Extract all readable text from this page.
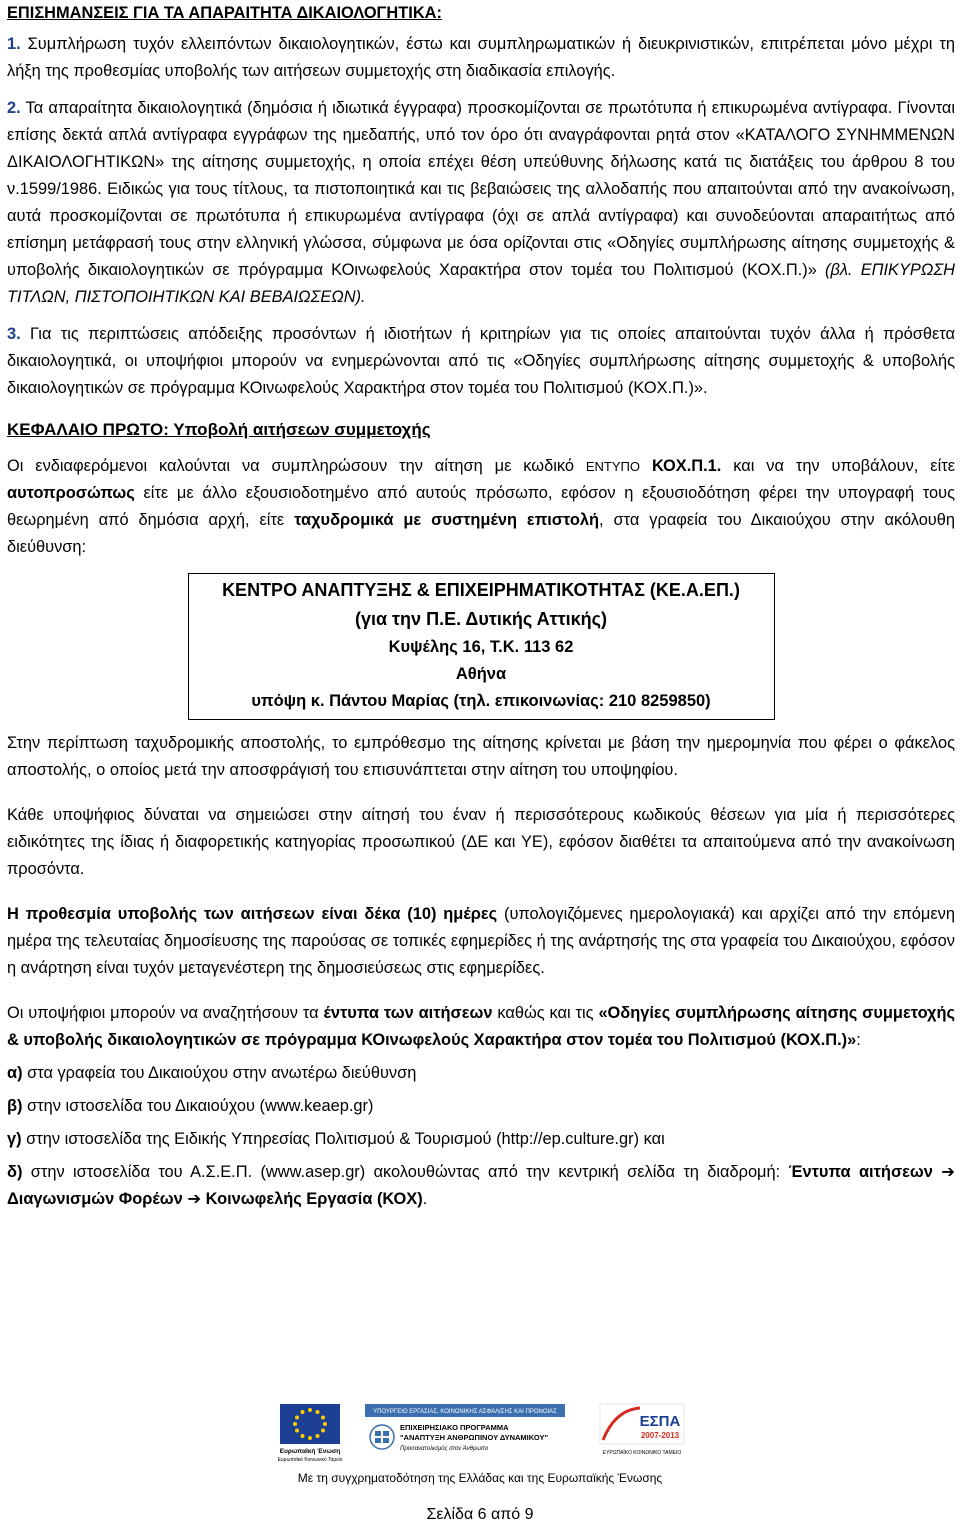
ΕΠΙΣΗΜΑΝΣΕΙΣ ΓΙΑ ΤΑ ΑΠΑΡΑΙΤΗΤΑ ΔΙΚΑΙΟΛΟΓΗΤΙΚΑ:

1. Συμπλήρωση τυχόν ελλειπόντων δικαιολογητικών, έστω και συμπληρωματικών ή διευκρινιστικών, επιτρέπεται μόνο μέχρι τη λήξη της προθεσμίας υποβολής των αιτήσεων συμμετοχής στη διαδικασία επιλογής.

2. Τα απαραίτητα δικαιολογητικά (δημόσια ή ιδιωτικά έγγραφα) προσκομίζονται σε πρωτότυπα ή επικυρωμένα αντίγραφα. Γίνονται επίσης δεκτά απλά αντίγραφα εγγράφων της ημεδαπής, υπό τον όρο ότι αναγράφονται ρητά στον «ΚΑΤΑΛΟΓΟ ΣΥΝΗΜΜΕΝΩΝ ΔΙΚΑΙΟΛΟΓΗΤΙΚΩΝ» της αίτησης συμμετοχής, η οποία επέχει θέση υπεύθυνης δήλωσης κατά τις διατάξεις του άρθρου 8 του ν.1599/1986. Ειδικώς για τους τίτλους, τα πιστοποιητικά και τις βεβαιώσεις της αλλοδαπής που απαιτούνται από την ανακοίνωση, αυτά προσκομίζονται σε πρωτότυπα ή επικυρωμένα αντίγραφα (όχι σε απλά αντίγραφα) και συνοδεύονται απαραιτήτως από επίσημη μετάφρασή τους στην ελληνική γλώσσα, σύμφωνα με όσα ορίζονται στις «Οδηγίες συμπλήρωσης αίτησης συμμετοχής & υποβολής δικαιολογητικών σε πρόγραμμα ΚΟινωφελούς Χαρακτήρα στον τομέα του Πολιτισμού (ΚΟΧ.Π.)» (βλ. ΕΠΙΚΥΡΩΣΗ ΤΙΤΛΩΝ, ΠΙΣΤΟΠΟΙΗΤΙΚΩΝ ΚΑΙ ΒΕΒΑΙΩΣΕΩΝ).

3. Για τις περιπτώσεις απόδειξης προσόντων ή ιδιοτήτων ή κριτηρίων για τις οποίες απαιτούνται τυχόν άλλα ή πρόσθετα δικαιολογητικά, οι υποψήφιοι μπορούν να ενημερώνονται από τις «Οδηγίες συμπλήρωσης αίτησης συμμετοχής & υποβολής δικαιολογητικών σε πρόγραμμα ΚΟινωφελούς Χαρακτήρα στον τομέα του Πολιτισμού (ΚΟΧ.Π.)».

ΚΕΦΑΛΑΙΟ ΠΡΩΤΟ: Υποβολή αιτήσεων συμμετοχής

Οι ενδιαφερόμενοι καλούνται να συμπληρώσουν την αίτηση με κωδικό ΕΝΤΥΠΟ ΚΟΧ.Π.1. και να την υποβάλουν, είτε αυτοπροσώπως είτε με άλλο εξουσιοδοτημένο από αυτούς πρόσωπο, εφόσον η εξουσιοδότηση φέρει την υπογραφή τους θεωρημένη από δημόσια αρχή, είτε ταχυδρομικά με συστημένη επιστολή, στα γραφεία του Δικαιούχου στην ακόλουθη διεύθυνση:

ΚΕΝΤΡΟ ΑΝΑΠΤΥΞΗΣ & ΕΠΙΧΕΙΡΗΜΑΤΙΚΟΤΗΤΑΣ (ΚΕ.Α.ΕΠ.)
(για την Π.Ε. Δυτικής Αττικής)
Κυψέλης 16, Τ.Κ. 113 62
Αθήνα
υπόψη κ. Πάντου Μαρίας (τηλ. επικοινωνίας: 210 8259850)

Στην περίπτωση ταχυδρομικής αποστολής, το εμπρόθεσμο της αίτησης κρίνεται με βάση την ημερομηνία που φέρει ο φάκελος αποστολής, ο οποίος μετά την αποσφράγισή του επισυνάπτεται στην αίτηση του υποψηφίου.

Κάθε υποψήφιος δύναται να σημειώσει στην αίτησή του έναν ή περισσότερους κωδικούς θέσεων για μία ή περισσότερες ειδικότητες της ίδιας ή διαφορετικής κατηγορίας προσωπικού (ΔΕ και ΥΕ), εφόσον διαθέτει τα απαιτούμενα από την ανακοίνωση προσόντα.

Η προθεσμία υποβολής των αιτήσεων είναι δέκα (10) ημέρες (υπολογιζόμενες ημερολογιακά) και αρχίζει από την επόμενη ημέρα της τελευταίας δημοσίευσης της παρούσας σε τοπικές εφημερίδες ή της ανάρτησής της στα γραφεία του Δικαιούχου, εφόσον η ανάρτηση είναι τυχόν μεταγενέστερη της δημοσιεύσεως στις εφημερίδες.

Οι υποψήφιοι μπορούν να αναζητήσουν τα έντυπα των αιτήσεων καθώς και τις «Οδηγίες συμπλήρωσης αίτησης συμμετοχής & υποβολής δικαιολογητικών σε πρόγραμμα ΚΟινωφελούς Χαρακτήρα στον τομέα του Πολιτισμού (ΚΟΧ.Π.)»:

α) στα γραφεία του Δικαιούχου στην ανωτέρω διεύθυνση

β) στην ιστοσελίδα του Δικαιούχου (www.keaep.gr)

γ) στην ιστοσελίδα της Ειδικής Υπηρεσίας Πολιτισμού & Τουρισμού (http://ep.culture.gr) και

δ) στην ιστοσελίδα του Α.Σ.Ε.Π. (www.asep.gr) ακολουθώντας από την κεντρική σελίδα τη διαδρομή: Έντυπα αιτήσεων ➔ Διαγωνισμών Φορέων ➔ Κοινωφελής Εργασία (ΚΟΧ).

Ευρωπαϊκή Ένωση
Ευρωπαϊκό Κοινωνικό Ταμείο
ΥΠΟΥΡΓΕΙΟ ΕΡΓΑΣΙΑΣ, ΚΟΙΝΩΝΙΚΗΣ ΑΣΦΑΛΙΣΗΣ ΚΑΙ ΠΡΟΝΟΙΑΣ
ΕΠΙΧΕΙΡΗΣΙΑΚΟ ΠΡΟΓΡΑΜΜΑ
"ΑΝΑΠΤΥΞΗ ΑΝΘΡΩΠΙΝΟΥ ΔΥΝΑΜΙΚΟΥ"
Προσανατολισμός στον Άνθρωπο
ΕΣΠΑ
2007-2013
ΕΥΡΩΠΑΪΚΟ ΚΟΙΝΩΝΙΚΟ ΤΑΜΕΙΟ
Με τη συγχρηματοδότηση της Ελλάδας και της Ευρωπαϊκής Ένωσης
Σελίδα 6 από 9
